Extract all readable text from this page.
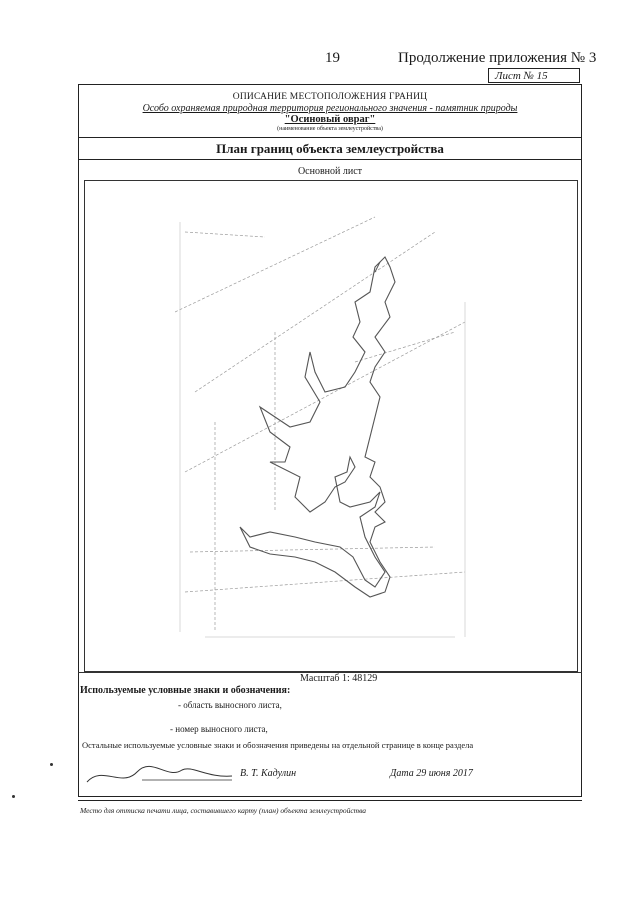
19	Продолжение приложения № 3
Лист № 15
ОПИСАНИЕ МЕСТОПОЛОЖЕНИЯ ГРАНИЦ
Особо охраняемая природная территория регионального значения - памятник природы
"Осиновый овраг"
(наименование объекта землеустройства)
План границ объекта землеустройства
Основной лист
Масштаб 1: 48129
Используемые условные знаки и обозначения:
- область выносного листа,
- номер выносного листа,
Остальные используемые условные знаки и обозначения приведены на отдельной странице в конце раздела
В. Т. Кадулин	Дата 29 июня 2017
Место для оттиска печати лица, составившего карту (план) объекта землеустройства
